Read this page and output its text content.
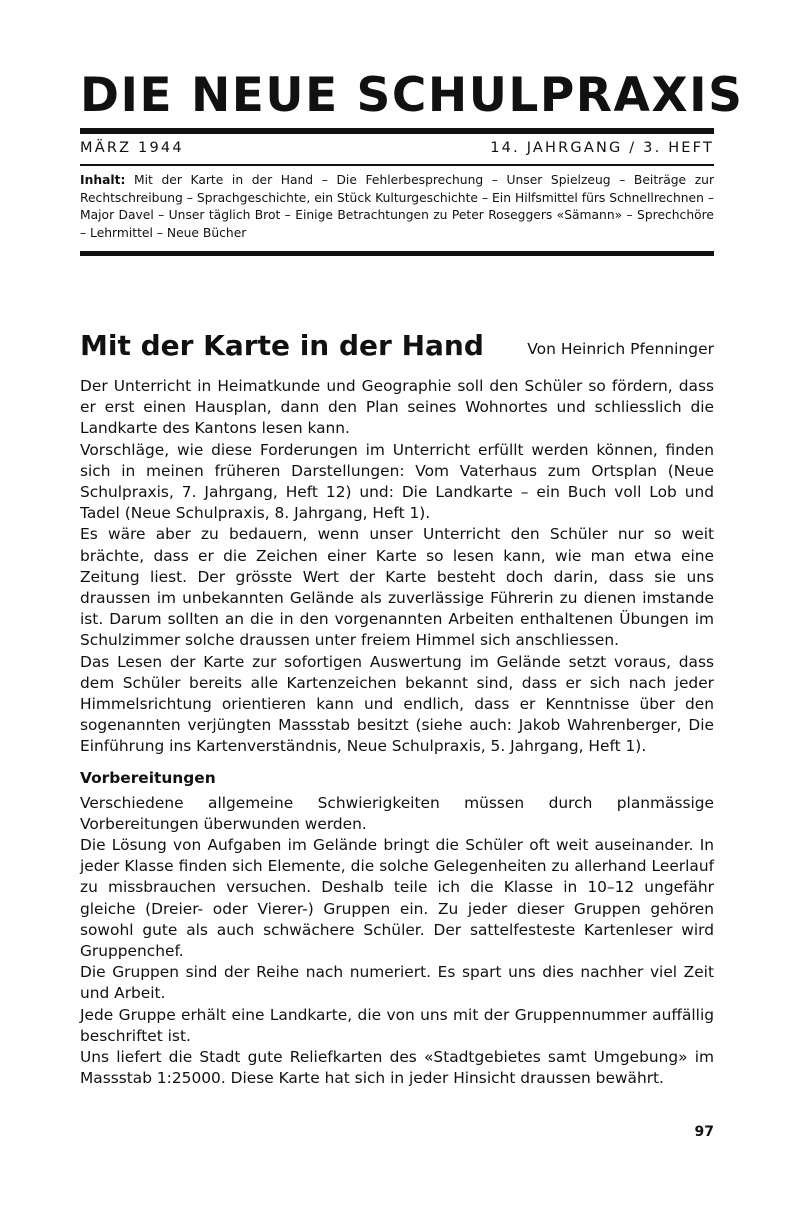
DIE NEUE SCHULPRAXIS
MÄRZ 1944	14. JAHRGANG / 3. HEFT
Inhalt: Mit der Karte in der Hand – Die Fehlerbesprechung – Unser Spielzeug – Beiträge zur Rechtschreibung – Sprachgeschichte, ein Stück Kulturgeschichte – Ein Hilfsmittel fürs Schnellrechnen – Major Davel – Unser täglich Brot – Einige Betrachtungen zu Peter Roseggers «Sämann» – Sprechchöre – Lehrmittel – Neue Bücher
Mit der Karte in der Hand	Von Heinrich Pfenninger

Der Unterricht in Heimatkunde und Geographie soll den Schüler so fördern, dass er erst einen Hausplan, dann den Plan seines Wohnortes und schliesslich die Landkarte des Kantons lesen kann.

Vorschläge, wie diese Forderungen im Unterricht erfüllt werden können, finden sich in meinen früheren Darstellungen: Vom Vaterhaus zum Ortsplan (Neue Schulpraxis, 7. Jahrgang, Heft 12) und: Die Landkarte – ein Buch voll Lob und Tadel (Neue Schulpraxis, 8. Jahrgang, Heft 1).

Es wäre aber zu bedauern, wenn unser Unterricht den Schüler nur so weit brächte, dass er die Zeichen einer Karte so lesen kann, wie man etwa eine Zeitung liest. Der grösste Wert der Karte besteht doch darin, dass sie uns draussen im unbekannten Gelände als zuverlässige Führerin zu dienen imstande ist. Darum sollten an die in den vorgenannten Arbeiten enthaltenen Übungen im Schulzimmer solche draussen unter freiem Himmel sich anschliessen.

Das Lesen der Karte zur sofortigen Auswertung im Gelände setzt voraus, dass dem Schüler bereits alle Kartenzeichen bekannt sind, dass er sich nach jeder Himmelsrichtung orientieren kann und endlich, dass er Kenntnisse über den sogenannten verjüngten Massstab besitzt (siehe auch: Jakob Wahrenberger, Die Einführung ins Kartenverständnis, Neue Schulpraxis, 5. Jahrgang, Heft 1).

Vorbereitungen

Verschiedene allgemeine Schwierigkeiten müssen durch planmässige Vorbereitungen überwunden werden.

Die Lösung von Aufgaben im Gelände bringt die Schüler oft weit auseinander. In jeder Klasse finden sich Elemente, die solche Gelegenheiten zu allerhand Leerlauf zu missbrauchen versuchen. Deshalb teile ich die Klasse in 10–12 ungefähr gleiche (Dreier- oder Vierer-) Gruppen ein. Zu jeder dieser Gruppen gehören sowohl gute als auch schwächere Schüler. Der sattelfesteste Kartenleser wird Gruppenchef.

Die Gruppen sind der Reihe nach numeriert. Es spart uns dies nachher viel Zeit und Arbeit.

Jede Gruppe erhält eine Landkarte, die von uns mit der Gruppennummer auffällig beschriftet ist.

Uns liefert die Stadt gute Reliefkarten des «Stadtgebietes samt Umgebung» im Massstab 1:25000. Diese Karte hat sich in jeder Hinsicht draussen bewährt.

97
